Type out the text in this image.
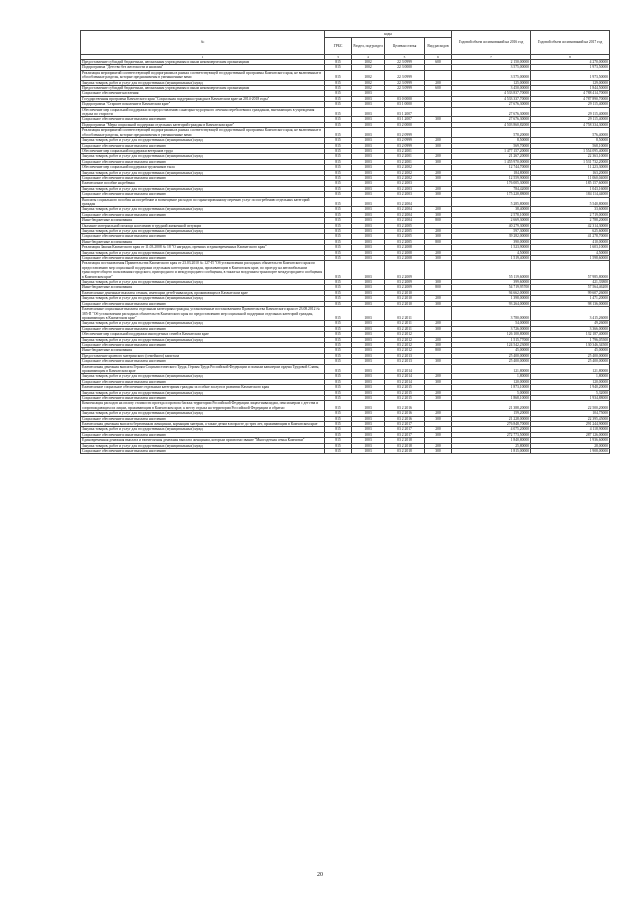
№	коды				Годовой объем ассигнований на 2016 год	Годовой объем ассигнований на 2017 год
	ГРБС	Раздел, под-раздел	Целевая статья	Вид расходов		
1	3	4	5	6	7	8
Предоставление субсидий бюджетным, автономным учреждениям и иным некоммерческим организациям	815	1002	22 3 0999	600	2 150,00000	4 270,00000
Подпрограмма "Детство без жестокости и насилия"	815	1002	22 3 0000		3 575,00000	1 973,50000
Реализация мероприятий соответствующей подпрограммы в рамках соответствующей государственной программы Камчатского края, не включенные в обособленные разделы, которые предназначены в уменьшенные вами	815	1002	22 3 0999		3 575,00000	1 973,50000
Закупка товаров, работ и услуг для государственных (муниципальных) нужд	815	1002	22 3 0999	200	125,00000	129,00000
Предоставление субсидий бюджетным, автономным учреждениям и иным некоммерческим организациям	815	1002	22 3 0999	600	3 450,00000	1 844,50000
Социальное обеспечение населения	815	1003			4 533 837,70000	4 788 414,70000
Государственная программа Камчатского края "Социальная поддержка граждан в Камчатском крае на 2014-2018 годы"	815	1003	03 0 0000		4 533 337,70000	4 787 890,70000
Подпрограмма "Старшее поколение в Камчатском крае"	815	1003	03 1 0000		27 676,30000	29 115,40000
Обеспечение мер социальной поддержки по предоставлению санаторно-курортного лечения переболевших гражданам, выезжающих в учреждения отдыха по старости	815	1003	03 1 2007		27 676,30000	29 115,40000
Социальное обеспечение и иные выплаты населению	815	1003	03 1 2007	300	27 676,30000	29 115,40000
Подпрограмма "Меры социальной поддержки отдельных категорий граждан в Камчатском крае"	815	1003	03 2 0000		4 503 860,82000	4 758 334,30000
Реализация мероприятий соответствующей подпрограммы в рамках соответствующей государственной программы Камчатского края, не включенные в обособленные разделы, которые предназначены в уменьшенные вами	815	1003	03 2 0999		578,20000	576,40000
Закупка товаров, работ и услуг для государственных (муниципальных) нужд	815	1003	03 2 0999	200	8,50000	8,50000
Социальное обеспечение и иные выплаты населению	815	1003	03 2 0999	300	569,70000	568,10000
Обеспечение мер социальной поддержки ветеранов труда	815	1003	03 2 2001		1 477 157,20000	1 554 095,40000
Закупка товаров, работ и услуг для государственных (муниципальных) нужд	815	1003	03 2 2001	200	21 267,20000	22 363,10000
Социальное обеспечение и иные выплаты населению	815	1003	03 2 2001	300	1 455 970,00000	1 531 732,20000
Обеспечение мер социальной поддержки тружеников тыла	815	1003	03 2 2002		12 744,70000	11 223,30000
Закупка товаров, работ и услуг для государственных (муниципальных) нужд	815	1003	03 2 2002	200	184,80000	163,20000
Социальное обеспечение и иные выплаты населению	815	1003	03 2 2002	300	12 559,90000	11 060,04000
Ежемесячное пособие на ребенка	815	1003	03 2 2003		176 005,30000	185 157,60000
Закупка товаров, работ и услуг для государственных (муниципальных) нужд	815	1003	03 2 2003	200	784,42000	1 043,16000
Социальное обеспечение и иные выплаты населению	815	1003	03 2 2003	300	175 220,88000	184 114,44000
Выплаты социального пособия на погребение и возмещение расходов по гарантированному перечню услуг по погребению отдельных категорий граждан	815	1003	03 2 2004		5 285,80000	5 540,80000
Закупка товаров, работ и услуг для государственных (муниципальных) нужд	815	1003	03 2 2004	200	38,40000	33,60000
Социальное обеспечение и иные выплаты населению	815	1003	03 2 2004	300	2 578,10000	2 719,00000
Иные бюджетные ассигнования	815	1003	03 2 2004	800	2 669,30000	2 788,20000
Оказание материальной помощи населению в трудной жизненной ситуации	815	1003	03 2 2005		40 279,30000	42 314,30000
Закупка товаров, работ и услуг для государственных (муниципальных) нужд	815	1003	03 2 2005	200	597,30000	625,60000
Социальное обеспечение и иные выплаты населению	815	1003	03 2 2005	300	39 282,00000	41 278,70000
Иные бюджетные ассигнования	815	1003	03 2 2005	800	390,00000	410,00000
Реализация Закона Камчатского края от 11.03.2008 № 18 "О наградах, премиях и единовременных Камчатского края"	815	1003	03 2 2008		1 523,90000	1 603,10000
Закупка товаров, работ и услуг для государственных (муниципальных) нужд	815	1003	03 2 2008	200	4,50000	4,50000
Социальное обеспечение и иные выплаты населению	815	1003	03 2 2008	300	1 519,40000	1 598,60000
Реализация постановления Правительства Камчатского края от 23.03.2010 № 127-П "Об установлении расходных обязательств Камчатского края по предоставлению мер социальной поддержки отдельным категориям граждан, проживающим в Камчатском крае, по проезду на автомобильном транспорте общего пользования городского, пригородного и междугороднего сообщения, в также на воздушном транспорте междугороднего сообщения в Камчатском крае"	815	1003	03 2 2009		55 119,60000	57 985,80000
Закупка товаров, работ и услуг для государственных (муниципальных) нужд	815	1003	03 2 2009	300	399,60000	421,33800
Иные бюджетные ассигнования	815	1003	03 2 2009	800	54 719,95700	57 564,46200
Ежемесячные денежные выплаты семьям, имеющим детей-инвалидов, проживающим в Камчатском крае	815	1003	03 2 2010		94 662,00000	99 607,26000
Закупка товаров, работ и услуг для государственных (муниципальных) нужд	815	1003	03 2 2010	200	1 398,00000	1 471,20000
Социальное обеспечение и иные выплаты населению	815	1003	03 2 2010	300	93 264,00000	98 136,00000
Ежемесячные социальные выплаты отдельным категориям граждан, установленные постановлением Правительства Камчатского края от 23.08.2012 № 385-П "Об установлении расходных обязательств Камчатского края по предоставлению мер социальной поддержки отдельных категорий граждан, проживающих в Камчатском крае"	815	1003	03 2 2011		3 780,00000	3 415,26000
Закупка товаров, работ и услуг для государственных (муниципальных) нужд	815	1003	03 2 2011	200	54,00000	49,26000
Социальное обеспечение и иные выплаты населению	815	1003	03 2 2011	300	3 726,00000	3 366,00000
Обеспечение мер социальной поддержки многодетных семей в Камчатском крае	815	1003	03 2 2012		126 100,80000	132 187,40000
Закупка товаров, работ и услуг для государственных (муниципальных) нужд	815	1003	03 2 2012	200	1 515,77000	1 796,05500
Социальное обеспечение и иные выплаты населению	815	1003	03 2 2012	300	124 542,23000	130 346,34500
Иные бюджетные ассигнования	815	1003	03 2 2012	800	45,00000	45,00000
Предоставление краевого материнского (семейного) капитала	815	1003	03 2 2013		25 400,00000	25 400,00000
Социальное обеспечение и иные выплаты населению	815	1003	03 2 2013	300	25 400,00000	25 400,00000
Ежемесячная денежная выплата Героям Социалистического Труда, Героям Труда Российской Федерации и полным кавалерам ордена Трудовой Славы, проживающим в Камчатском крае	815	1003	03 2 2014		121,80000	121,80000
Закупка товаров, работ и услуг для государственных (муниципальных) нужд	815	1003	03 2 2014	200	1,80000	1,80000
Социальное обеспечение и иные выплаты населению	815	1003	03 2 2014	300	120,00000	120,00000
Ежемесячное социальное обеспечение отдельным категориям граждан за особые заслуги в развитии Камчатского края	815	1003	03 2 2015		1 873,10000	1 940,20000
Закупка товаров, работ и услуг для государственных (муниципальных) нужд	815	1003	03 2 2015	200	5,00000	5,32000
Социальное обеспечение и иные выплаты населению	815	1003	03 2 2015	300	1 868,10000	1 934,88000
Компенсация расходов на оплату стоимости проезда и провоза багажа территории Российской Федерации лицам-инвалидам, пенсионерам с детства и сопровождающим их лицам, проживающим в Камчатском крае, к месту отдыха на территории Российской Федерации и обратно	815	1003	03 2 2016		21 388,20000	22 500,20000
Закупка товаров, работ и услуг для государственных (муниципальных) нужд	815	1003	03 2 2016	200	159,20000	104,75000
Социальное обеспечение и иные выплаты населению	815	1003	03 2 2016	300	21 228,00000	22 395,45000
Ежемесячная денежная выплата беременным женщинам, кормящим матерям, а также детям в возрасте до трех лет, проживающим в Камчатском крае	815	1003	03 2 2017		276 848,70000	291 244,90000
Закупка товаров, работ и услуг для государственных (муниципальных) нужд	815	1003	03 2 2017	200	4 075,20000	4 118,90000
Социальное обеспечение и иные выплаты населению	815	1003	03 2 2017	300	272 773,50000	287 126,00000
Единовременная денежная выплата и ежемесячная денежная выплата женщинам, которым присвоено звание "Многодетная семья Камчатки"	815	1003	03 2 2018		1 840,80000	1 936,60000
Закупка товаров, работ и услуг для государственных (муниципальных) нужд	815	1003	03 2 2018	200	25,80000	28,00000
Социальное обеспечение и иные выплаты населению	815	1003	03 2 2018	300	1 815,00000	1 908,00000
20
